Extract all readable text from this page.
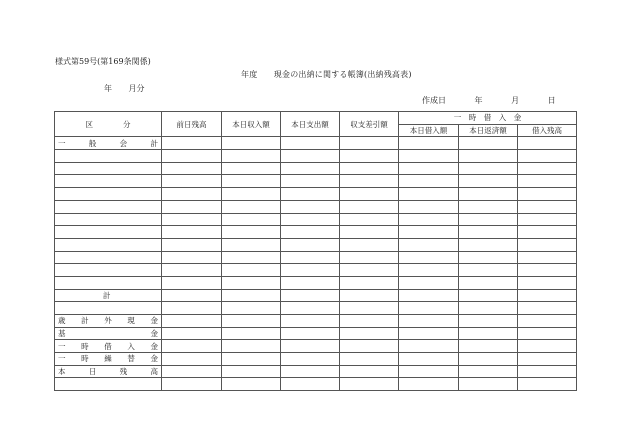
様式第59号(第169条関係)
年度　　現金の出納に関する帳簿(出納残高表)
年 月分
作成日 年 月 日
区　　　　分	前日残高	本日収入額	本日支出額	収支差引額	一　時　借　入　金		
					本日借入額	本日返済額	借入残高
一般会計							

計							

歳計外現金							
基金							
一時借入金							
一時繰替金							
本日残高							
